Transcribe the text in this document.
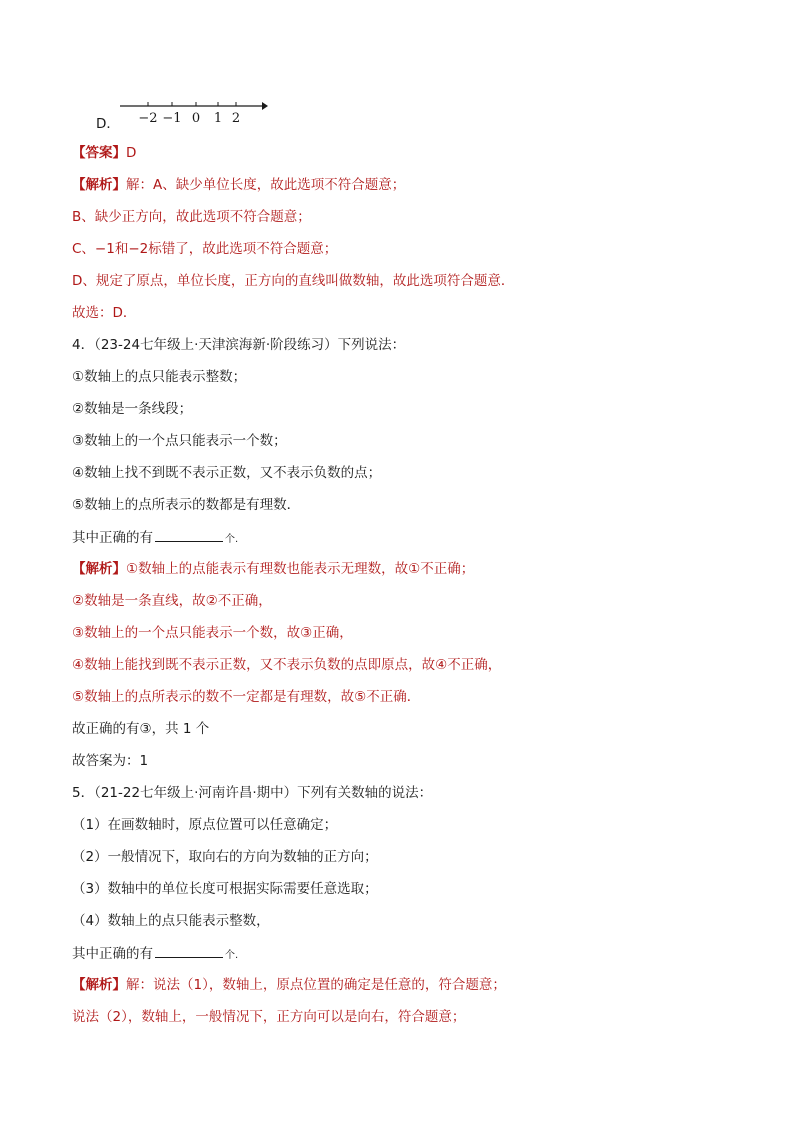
D． −2 −1 0 1 2
【答案】D
【解析】解：A、缺少单位长度，故此选项不符合题意；
B、缺少正方向，故此选项不符合题意；
C、−1和−2标错了，故此选项不符合题意；
D、规定了原点，单位长度，正方向的直线叫做数轴，故此选项符合题意．
故选：D．
4．（23-24七年级上·天津滨海新·阶段练习）下列说法：
①数轴上的点只能表示整数；
②数轴是一条线段；
③数轴上的一个点只能表示一个数；
④数轴上找不到既不表示正数，又不表示负数的点；
⑤数轴上的点所表示的数都是有理数．
其中正确的有	个.
【解析】①数轴上的点能表示有理数也能表示无理数，故①不正确；
②数轴是一条直线，故②不正确，
③数轴上的一个点只能表示一个数，故③正确，
④数轴上能找到既不表示正数，又不表示负数的点即原点，故④不正确，
⑤数轴上的点所表示的数不一定都是有理数，故⑤不正确．
故正确的有③，共 1 个
故答案为：1
5．（21-22七年级上·河南许昌·期中）下列有关数轴的说法：
（1）在画数轴时，原点位置可以任意确定；
（2）一般情况下，取向右的方向为数轴的正方向；
（3）数轴中的单位长度可根据实际需要任意选取；
（4）数轴上的点只能表示整数，
其中正确的有	个.
【解析】解：说法（1），数轴上，原点位置的确定是任意的，符合题意；
说法（2），数轴上，一般情况下，正方向可以是向右，符合题意；
